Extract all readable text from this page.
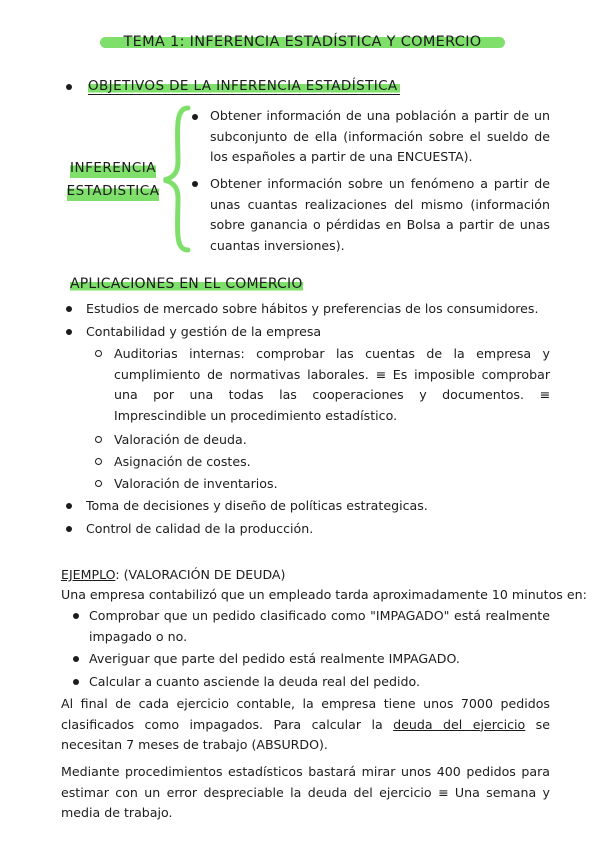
TEMA 1: INFERENCIA ESTADÍSTICA Y COMERCIO
OBJETIVOS DE LA INFERENCIA ESTADÍSTICA
INFERENCIA
ESTADISTICA
Obtener información de una población a partir de un subconjunto de ella (información sobre el sueldo de los españoles a partir de una ENCUESTA).
Obtener información sobre un fenómeno a partir de unas cuantas realizaciones del mismo (información sobre ganancia o pérdidas en Bolsa a partir de unas cuantas inversiones).
APLICACIONES EN EL COMERCIO
Estudios de mercado sobre hábitos y preferencias de los consumidores.
Contabilidad y gestión de la empresa
Auditorias internas: comprobar las cuentas de la empresa y cumplimiento de normativas laborales. ≡ Es imposible comprobar una por una todas las cooperaciones y documentos. ≡ Imprescindible un procedimiento estadístico.
Valoración de deuda.
Asignación de costes.
Valoración de inventarios.
Toma de decisiones y diseño de políticas estrategicas.
Control de calidad de la producción.
EJEMPLO: (VALORACIÓN DE DEUDA)
Una empresa contabilizó que un empleado tarda aproximadamente 10 minutos en:
Comprobar que un pedido clasificado como "IMPAGADO" está realmente impagado o no.
Averiguar que parte del pedido está realmente IMPAGADO.
Calcular a cuanto asciende la deuda real del pedido.
Al final de cada ejercicio contable, la empresa tiene unos 7000 pedidos clasificados como impagados. Para calcular la deuda del ejercicio se necesitan 7 meses de trabajo (ABSURDO).
Mediante procedimientos estadísticos bastará mirar unos 400 pedidos para estimar con un error despreciable la deuda del ejercicio ≡ Una semana y media de trabajo.
